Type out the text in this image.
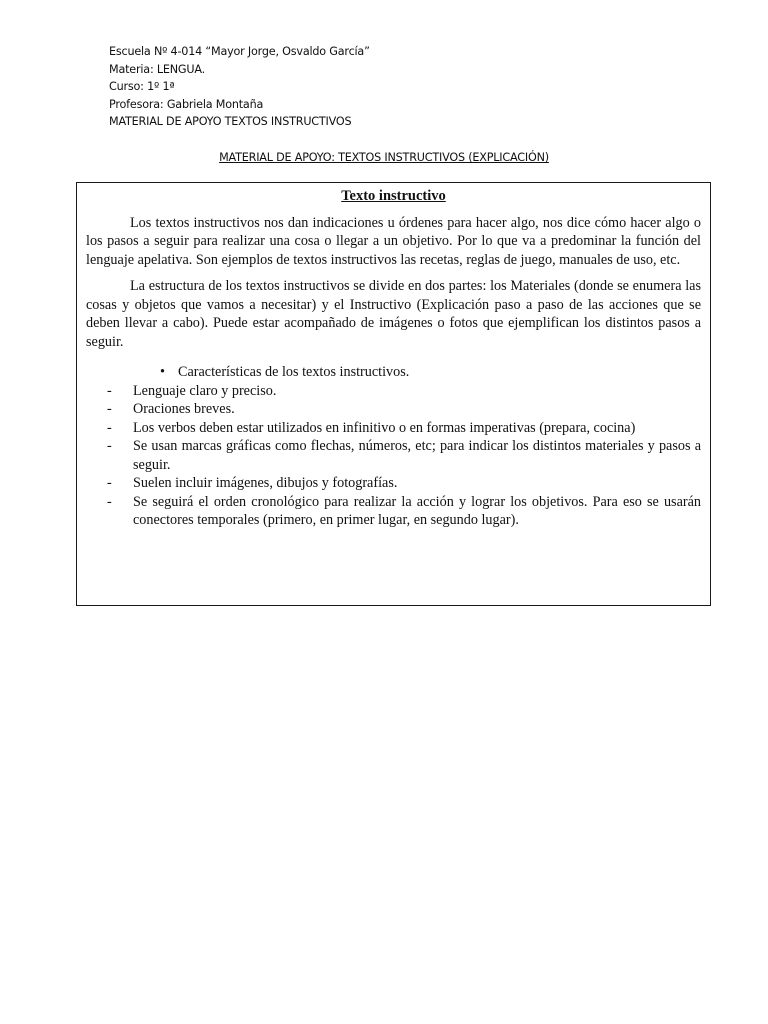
Escuela Nº 4-014 “Mayor Jorge, Osvaldo García”
Materia: LENGUA.
Curso: 1º 1ª
Profesora: Gabriela Montaña
MATERIAL DE APOYO TEXTOS INSTRUCTIVOS
MATERIAL DE APOYO: TEXTOS INSTRUCTIVOS (EXPLICACIÓN)
Texto instructivo

Los textos instructivos nos dan indicaciones u órdenes para hacer algo, nos dice cómo hacer algo o los pasos a seguir para realizar una cosa o llegar a un objetivo. Por lo que va a predominar la función del lenguaje apelativa. Son ejemplos de textos instructivos las recetas, reglas de juego, manuales de uso, etc.

La estructura de los textos instructivos se divide en dos partes: los Materiales (donde se enumera las cosas y objetos que vamos a necesitar) y el Instructivo (Explicación paso a paso de las acciones que se deben llevar a cabo). Puede estar acompañado de imágenes o fotos que ejemplifican los distintos pasos a seguir.

• Características de los textos instructivos.
- Lenguaje claro y preciso.
- Oraciones breves.
- Los verbos deben estar utilizados en infinitivo o en formas imperativas (prepara, cocina)
- Se usan marcas gráficas como flechas, números, etc; para indicar los distintos materiales y pasos a seguir.
- Suelen incluir imágenes, dibujos y fotografías.
- Se seguirá el orden cronológico para realizar la acción y lograr los objetivos. Para eso se usarán conectores temporales (primero, en primer lugar, en segundo lugar).
